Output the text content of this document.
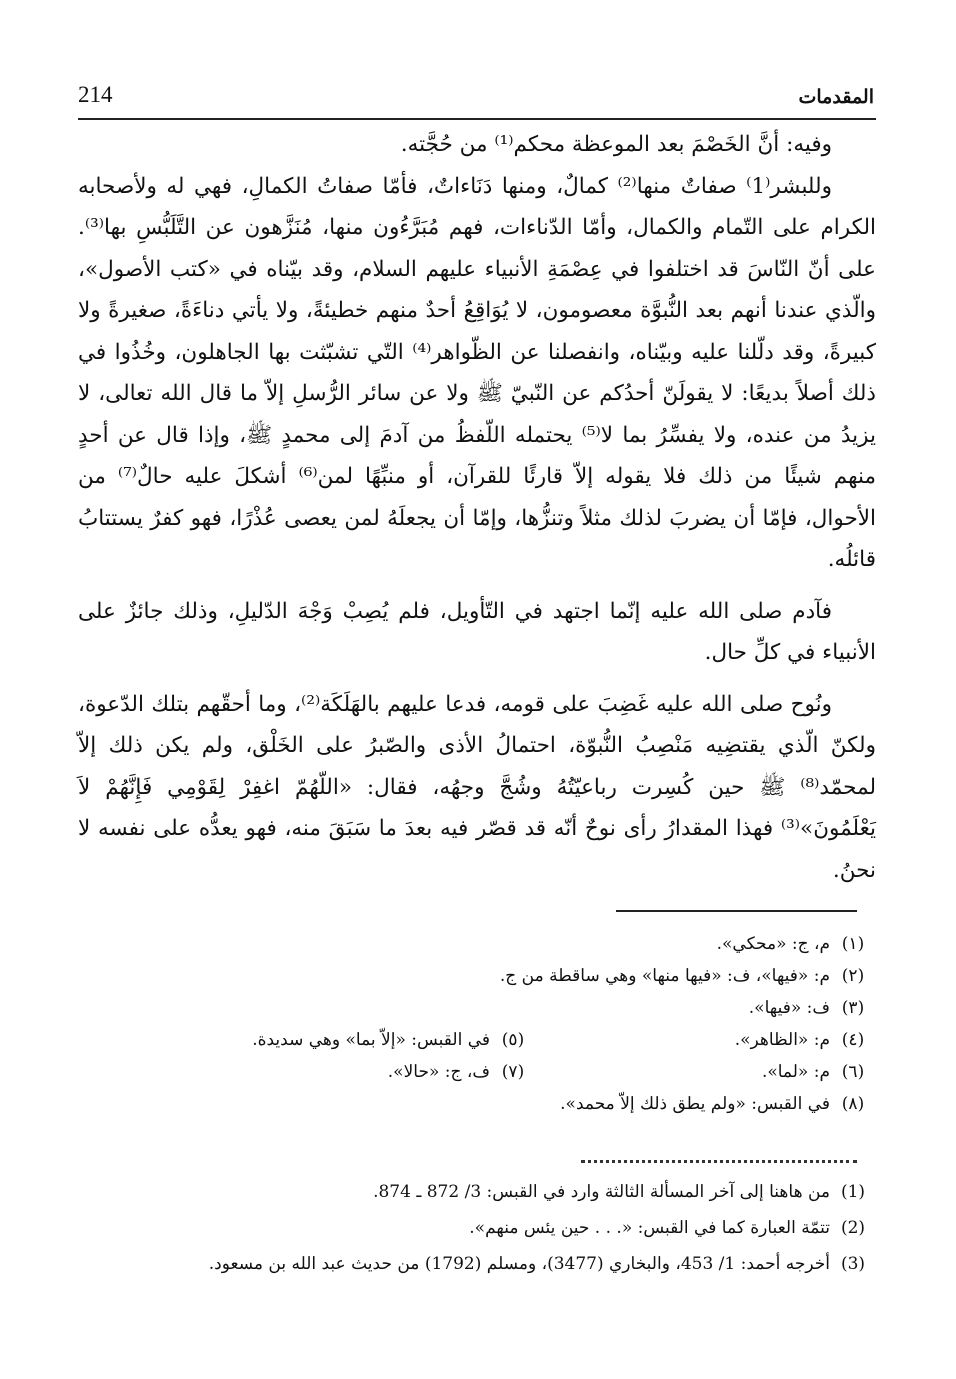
214	المقدمات

وفيه: أنَّ الخَصْمَ بعد الموعظة محكم⁽¹⁾ من حُجَّته.

وللبشر⁽1⁾ صفاتٌ منها⁽²⁾ كمالٌ، ومنها دَنَاءاتٌ، فأمّا صفاتُ الكمالِ، فهي له ولأصحابه الكرام على التّمام والكمال، وأمّا الدّناءات، فهم مُبَرَّءُون منها، مُنَزَّهون عن التَّلَبُّسِ بها⁽³⁾. على أنّ النّاسَ قد اختلفوا في عِصْمَةِ الأنبياء عليهم السلام، وقد بيّناه في «كتب الأصول»، والّذي عندنا أنهم بعد النُّبوَّة معصومون، لا يُوَاقِعُ أحدٌ منهم خطيئةً، ولا يأتي دناءَةً، صغيرةً ولا كبيرةً، وقد دلّلنا عليه وبيّناه، وانفصلنا عن الظّواهر⁽⁴⁾ التّي تشبّثت بها الجاهلون، وخُذُوا في ذلك أصلاً بديعًا: لا يقولَنّ أحدُكم عن النّبيّ ﷺ ولا عن سائر الرُّسلِ إلاّ ما قال الله تعالى، لا يزيدُ من عنده، ولا يفسِّرُ بما لا⁽⁵⁾ يحتمله اللّفظُ من آدمَ إلى محمدٍ ﷺ، وإذا قال عن أحدٍ منهم شيئًا من ذلك فلا يقوله إلاّ قارئًا للقرآن، أو منبِّهًا لمن⁽⁶⁾ أشكلَ عليه حالٌ⁽⁷⁾ من الأحوال، فإمّا أن يضربَ لذلك مثلاً وتنزُّها، وإمّا أن يجعلَهُ لمن يعصى عُذْرًا، فهو كفرٌ يستتابُ قائلُه.

فآدم صلى الله عليه إنّما اجتهد في التّأويل، فلم يُصِبْ وَجْهَ الدّليلِ، وذلك جائزٌ على الأنبياء في كلِّ حال.

ونُوح صلى الله عليه غَضِبَ على قومه، فدعا عليهم بالهَلَكَة⁽²⁾، وما أحقّهم بتلك الدّعوة، ولكنّ الّذي يقتضِيه مَنْصِبُ النُّبوّة، احتمالُ الأذى والصّبرُ على الخَلْق، ولم يكن ذلك إلاّ لمحمّد⁽⁸⁾ ﷺ حين كُسِرت رباعيّتُهُ وشُجَّ وجهُه، فقال: «اللّهُمّ اغفِرْ لِقَوْمِي فَإِنَّهُمْ لاَ يَعْلَمُونَ»⁽³⁾ فهذا المقدارُ رأى نوحٌ أنّه قد قصّر فيه بعدَ ما سَبَقَ منه، فهو يعدُّه على نفسه لا نحنُ.

(١)
م، ج: «محكي».
(٢)
م: «فيها»، ف: «فيها منها» وهي ساقطة من ج.
(٣)
ف: «فيها».
(٤)
م: «الظاهر».
(٥)
في القبس: «إلاّ بما» وهي سديدة.
(٦)
م: «لما».
(٧)
ف، ج: «حالا».
(٨)
في القبس: «ولم يطق ذلك إلاّ محمد».
(1)
من هاهنا إلى آخر المسألة الثالثة وارد في القبس: 3/ 872 ـ 874.
(2)
تتمّة العبارة كما في القبس: «. . . حين يئس منهم».
(3)
أخرجه أحمد: 1/ 453، والبخاري (3477)، ومسلم (1792) من حديث عبد الله بن مسعود.
